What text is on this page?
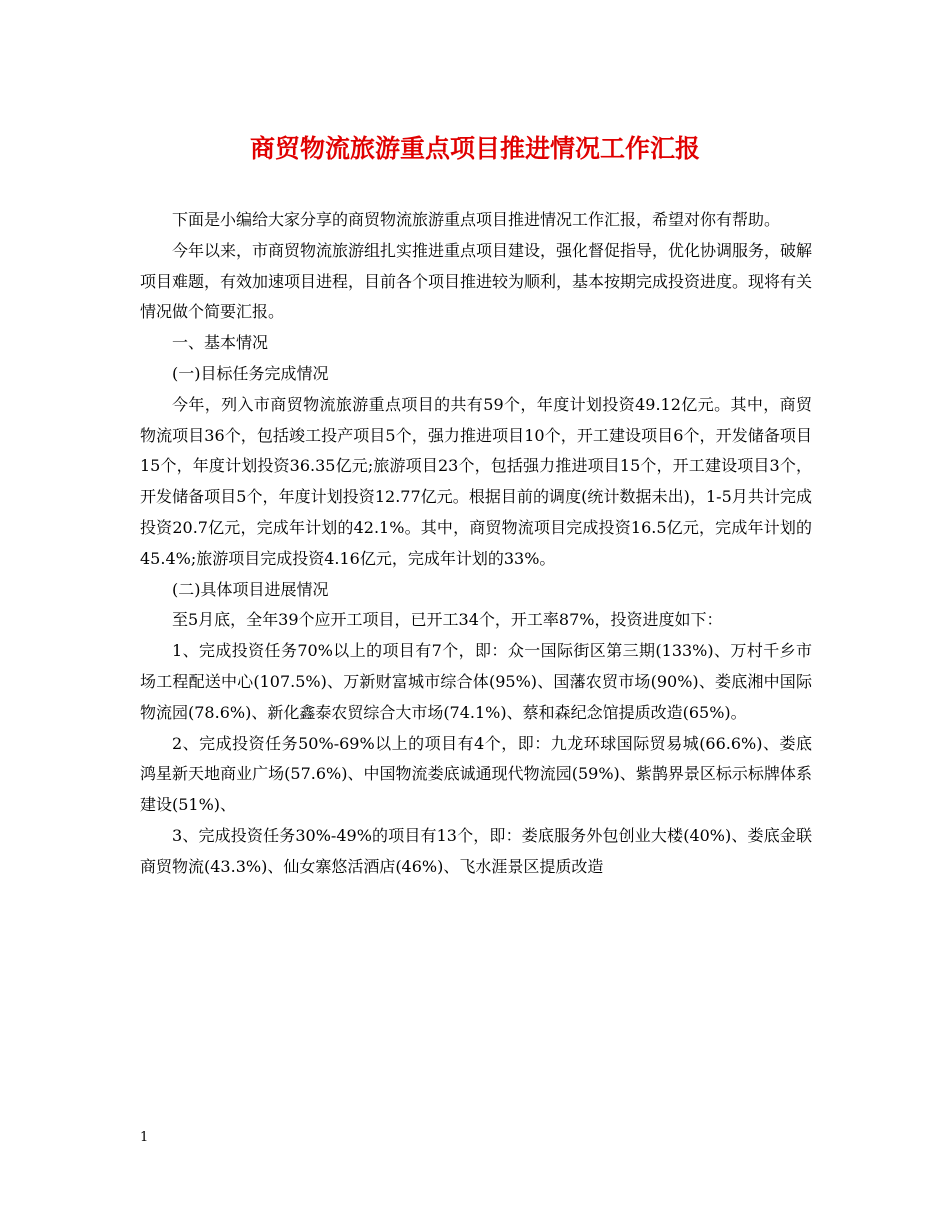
商贸物流旅游重点项目推进情况工作汇报

下面是小编给大家分享的商贸物流旅游重点项目推进情况工作汇报，希望对你有帮助。

今年以来，市商贸物流旅游组扎实推进重点项目建设，强化督促指导，优化协调服务，破解项目难题，有效加速项目进程，目前各个项目推进较为顺利，基本按期完成投资进度。现将有关情况做个简要汇报。

一、基本情况

(一)目标任务完成情况

今年，列入市商贸物流旅游重点项目的共有59个，年度计划投资49.12亿元。其中，商贸物流项目36个，包括竣工投产项目5个，强力推进项目10个，开工建设项目6个，开发储备项目15个，年度计划投资36.35亿元;旅游项目23个，包括强力推进项目15个，开工建设项目3个，开发储备项目5个，年度计划投资12.77亿元。根据目前的调度(统计数据未出)，1-5月共计完成投资20.7亿元，完成年计划的42.1%。其中，商贸物流项目完成投资16.5亿元，完成年计划的45.4%;旅游项目完成投资4.16亿元，完成年计划的33%。

(二)具体项目进展情况

至5月底，全年39个应开工项目，已开工34个，开工率87%，投资进度如下：

1、完成投资任务70%以上的项目有7个，即：众一国际街区第三期(133%)、万村千乡市场工程配送中心(107.5%)、万新财富城市综合体(95%)、国藩农贸市场(90%)、娄底湘中国际物流园(78.6%)、新化鑫泰农贸综合大市场(74.1%)、蔡和森纪念馆提质改造(65%)。

2、完成投资任务50%-69%以上的项目有4个，即：九龙环球国际贸易城(66.6%)、娄底鸿星新天地商业广场(57.6%)、中国物流娄底诚通现代物流园(59%)、紫鹊界景区标示标牌体系建设(51%)、

3、完成投资任务30%-49%的项目有13个，即：娄底服务外包创业大楼(40%)、娄底金联商贸物流(43.3%)、仙女寨悠活酒店(46%)、飞水涯景区提质改造

1
